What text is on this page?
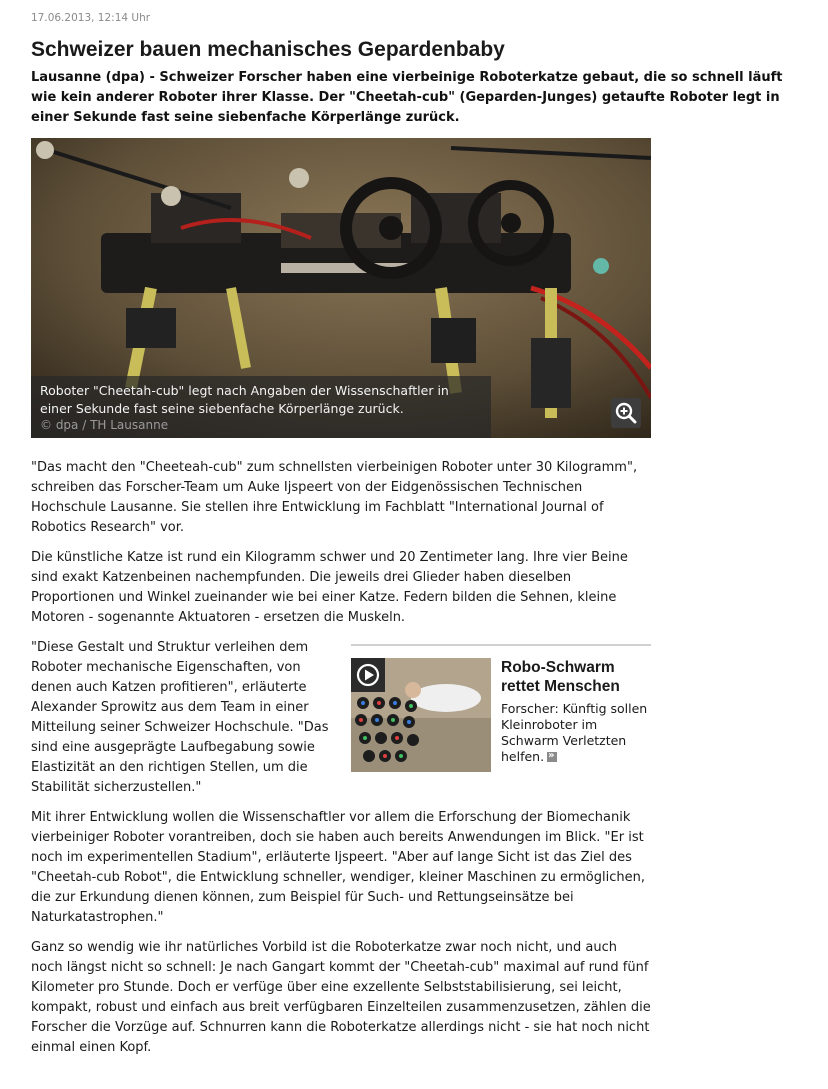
17.06.2013, 12:14 Uhr
Schweizer bauen mechanisches Gepardenbaby

Lausanne (dpa) - Schweizer Forscher haben eine vierbeinige Roboterkatze gebaut, die so schnell läuft wie kein anderer Roboter ihrer Klasse. Der "Cheetah-cub" (Geparden-Junges) getaufte Roboter legt in einer Sekunde fast seine siebenfache Körperlänge zurück.

Roboter "Cheetah-cub" legt nach Angaben der Wissenschaftler in einer Sekunde fast seine siebenfache Körperlänge zurück.
© dpa / TH Lausanne

"Das macht den "Cheeteah-cub" zum schnellsten vierbeinigen Roboter unter 30 Kilogramm", schreiben das Forscher-Team um Auke Ijspeert von der Eidgenössischen Technischen Hochschule Lausanne. Sie stellen ihre Entwicklung im Fachblatt "International Journal of Robotics Research" vor.

Die künstliche Katze ist rund ein Kilogramm schwer und 20 Zentimeter lang. Ihre vier Beine sind exakt Katzenbeinen nachempfunden. Die jeweils drei Glieder haben dieselben Proportionen und Winkel zueinander wie bei einer Katze. Federn bilden die Sehnen, kleine Motoren - sogenannte Aktuatoren - ersetzen die Muskeln.

"Diese Gestalt und Struktur verleihen dem Roboter mechanische Eigenschaften, von denen auch Katzen profitieren", erläuterte Alexander Sprowitz aus dem Team in einer Mitteilung seiner Schweizer Hochschule. "Das sind eine ausgeprägte Laufbegabung sowie Elastizität an den richtigen Stellen, um die Stabilität sicherzustellen."

Robo-Schwarm rettet Menschen
Forscher: Künftig sollen Kleinroboter im Schwarm Verletzten helfen.»

Mit ihrer Entwicklung wollen die Wissenschaftler vor allem die Erforschung der Biomechanik vierbeiniger Roboter vorantreiben, doch sie haben auch bereits Anwendungen im Blick. "Er ist noch im experimentellen Stadium", erläuterte Ijspeert. "Aber auf lange Sicht ist das Ziel des "Cheetah-cub Robot", die Entwicklung schneller, wendiger, kleiner Maschinen zu ermöglichen, die zur Erkundung dienen können, zum Beispiel für Such- und Rettungseinsätze bei Naturkatastrophen."

Ganz so wendig wie ihr natürliches Vorbild ist die Roboterkatze zwar noch nicht, und auch noch längst nicht so schnell: Je nach Gangart kommt der "Cheetah-cub" maximal auf rund fünf Kilometer pro Stunde. Doch er verfüge über eine exzellente Selbststabilisierung, sei leicht, kompakt, robust und einfach aus breit verfügbaren Einzelteilen zusammenzusetzen, zählen die Forscher die Vorzüge auf. Schnurren kann die Roboterkatze allerdings nicht - sie hat noch nicht einmal einen Kopf.
